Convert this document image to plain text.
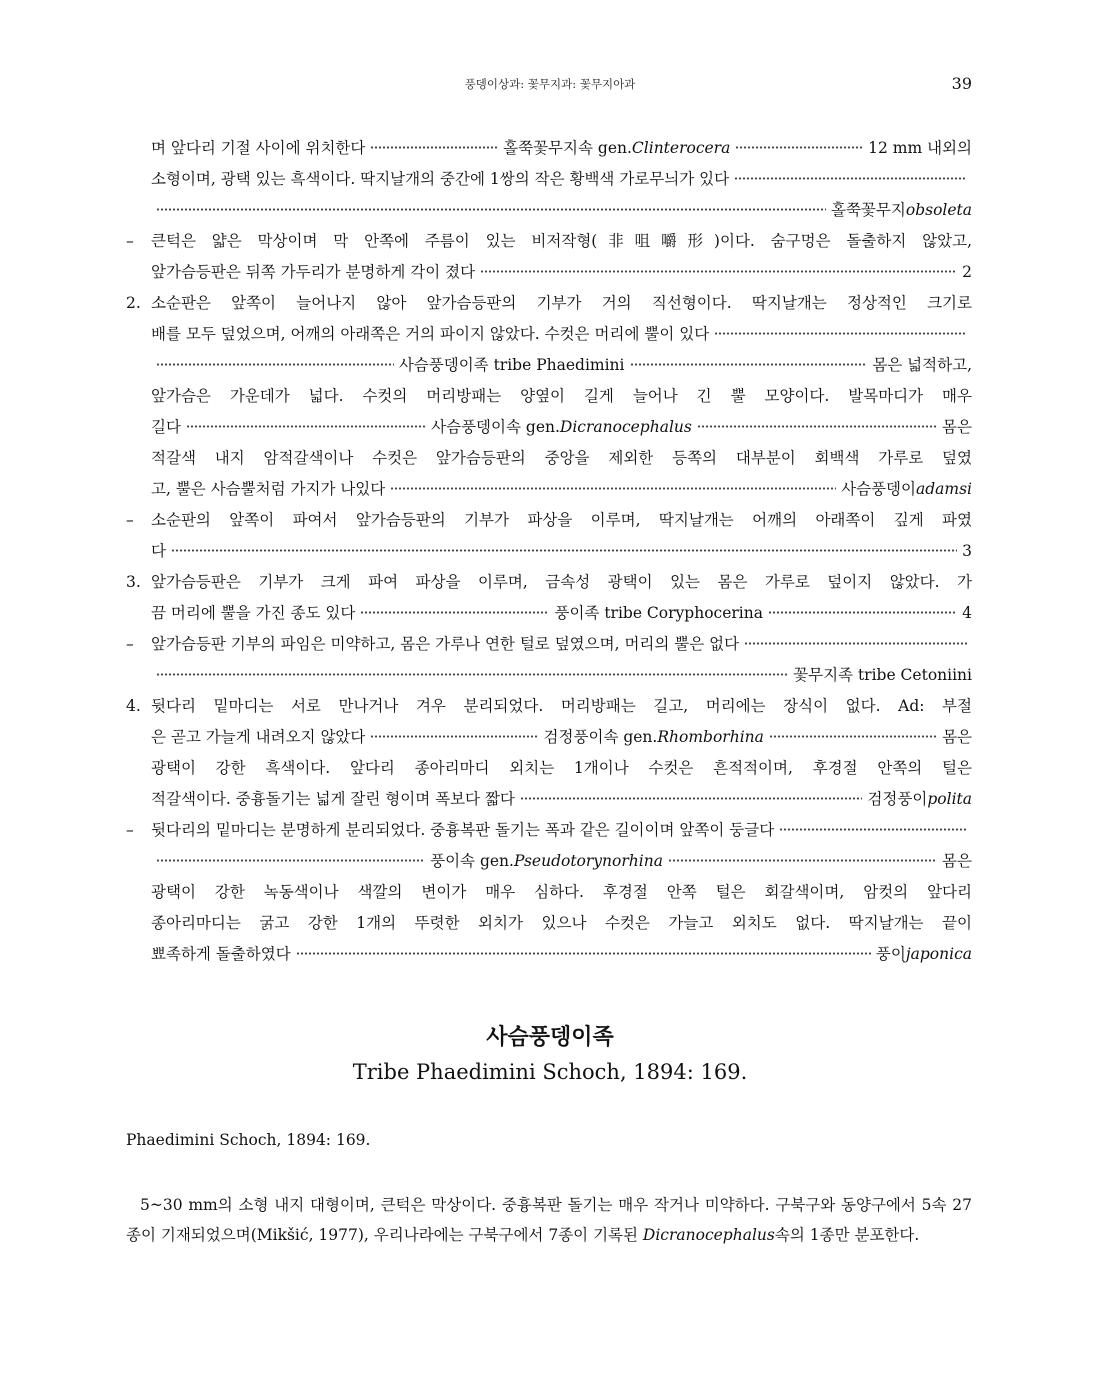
풍뎅이상과: 꽃무지과: 꽃무지아과	39
며 앞다리 기절 사이에 위치한다	홀쭉꽃무지속 gen. Clinterocera	12 mm 내외의
소형이며, 광택 있는 흑색이다. 딱지날개의 중간에 1쌍의 작은 황백색 가로무늬가 있다
홀쭉꽃무지 obsoleta
– 큰턱은 얇은 막상이며 막 안쪽에 주름이 있는 비저작형(非咀嚼形)이다. 숨구멍은 돌출하지 않았고,
앞가슴등판은 뒤쪽 가두리가 분명하게 각이 졌다	2
2. 소순판은 앞쪽이 늘어나지 않아 앞가슴등판의 기부가 거의 직선형이다. 딱지날개는 정상적인 크기로
배를 모두 덮었으며, 어깨의 아래쪽은 거의 파이지 않았다. 수컷은 머리에 뿔이 있다
사슴풍뎅이족 tribe Phaedimini	몸은 넓적하고,
앞가슴은 가운데가 넓다. 수컷의 머리방패는 양옆이 길게 늘어나 긴 뿔 모양이다. 발목마디가 매우
길다	사슴풍뎅이속 gen. Dicranocephalus	몸은
적갈색 내지 암적갈색이나 수컷은 앞가슴등판의 중앙을 제외한 등쪽의 대부분이 회백색 가루로 덮였
고, 뿔은 사슴뿔처럼 가지가 나있다	사슴풍뎅이 adamsi
– 소순판의 앞쪽이 파여서 앞가슴등판의 기부가 파상을 이루며, 딱지날개는 어깨의 아래쪽이 깊게 파였
다	3
3. 앞가슴등판은 기부가 크게 파여 파상을 이루며, 금속성 광택이 있는 몸은 가루로 덮이지 않았다. 가
끔 머리에 뿔을 가진 종도 있다	풍이족 tribe Coryphocerina	4
– 앞가슴등판 기부의 파임은 미약하고, 몸은 가루나 연한 털로 덮였으며, 머리의 뿔은 없다
꽃무지족 tribe Cetoniini
4. 뒷다리 밑마디는 서로 만나거나 겨우 분리되었다. 머리방패는 길고, 머리에는 장식이 없다. Ad: 부절
은 곧고 가늘게 내려오지 않았다	검정풍이속 gen. Rhomborhina	몸은
광택이 강한 흑색이다. 앞다리 종아리마디 외치는 1개이나 수컷은 흔적적이며, 후경절 안쪽의 털은
적갈색이다. 중흉돌기는 넓게 잘린 형이며 폭보다 짧다	검정풍이 polita
– 뒷다리의 밑마디는 분명하게 분리되었다. 중흉복판 돌기는 폭과 같은 길이이며 앞쪽이 둥글다
풍이속 gen. Pseudotorynorhina	몸은
광택이 강한 녹동색이나 색깔의 변이가 매우 심하다. 후경절 안쪽 털은 회갈색이며, 암컷의 앞다리
종아리마디는 굵고 강한 1개의 뚜렷한 외치가 있으나 수컷은 가늘고 외치도 없다. 딱지날개는 끝이
뾰족하게 돌출하였다	풍이 japonica
사슴풍뎅이족
Tribe Phaedimini Schoch, 1894: 169.
Phaedimini Schoch, 1894: 169.

5~30 mm의 소형 내지 대형이며, 큰턱은 막상이다. 중흉복판 돌기는 매우 작거나 미약하다. 구북구와 동양구에서 5속 27종이 기재되었으며(Mikšić, 1977), 우리나라에는 구북구에서 7종이 기록된 Dicranocephalus속의 1종만 분포한다.
